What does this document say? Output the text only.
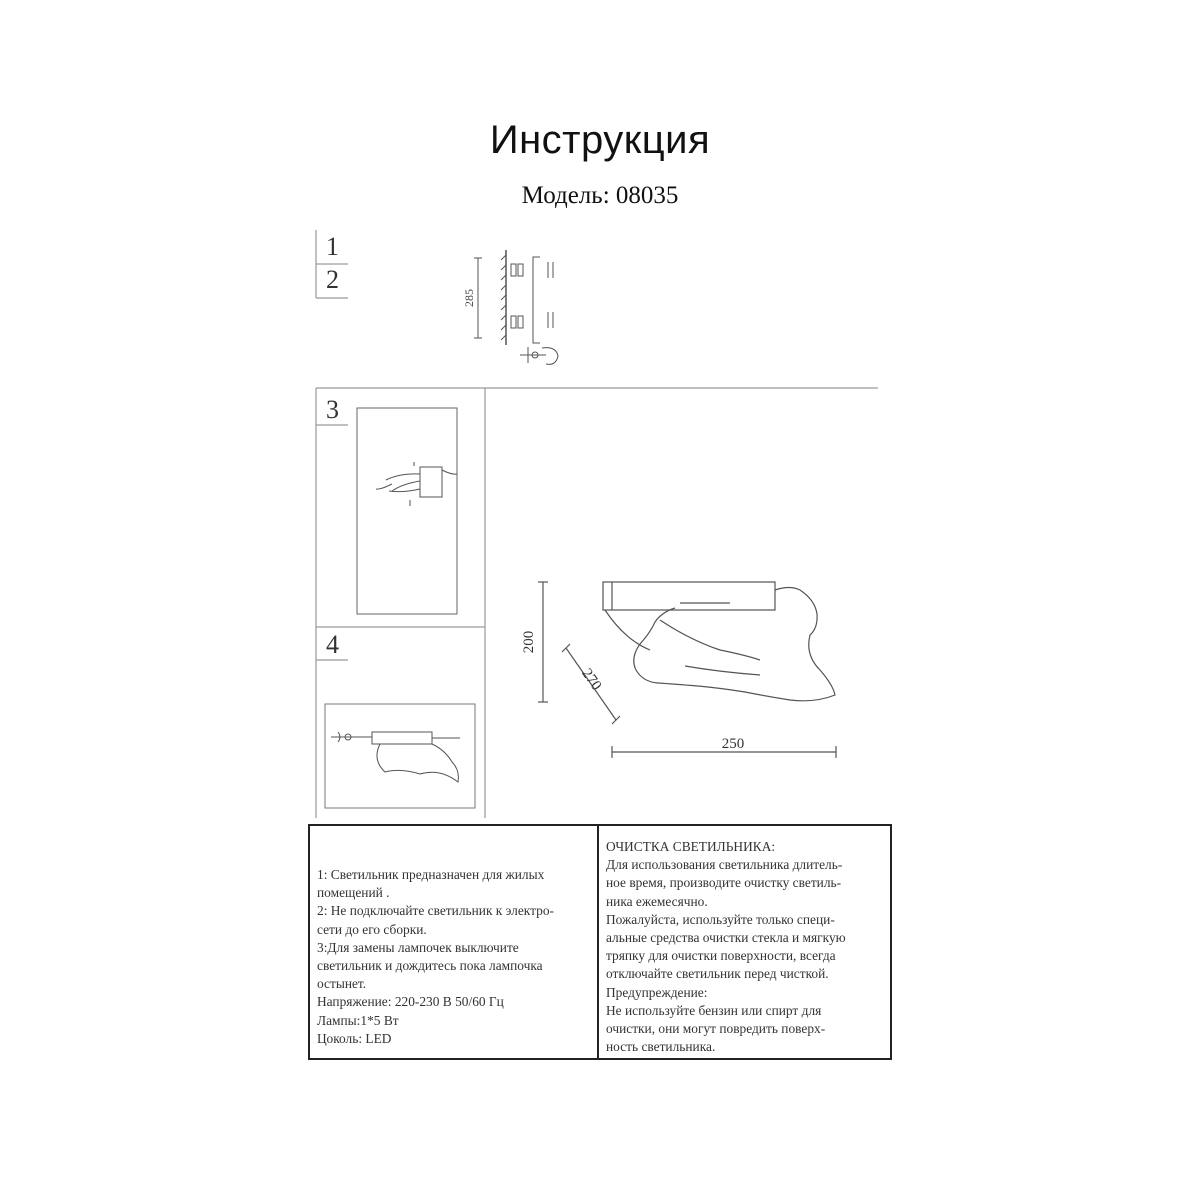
Инструкция
Модель: 08035
1
2
3
4
285
200
270
250
1: Светильник предназначен для жилых
помещений .
2: Не подключайте светильник к электро-
сети до его сборки.
3:Для замены лампочек выключите
светильник и дождитесь пока лампочка
остынет.
Напряжение: 220-230 В 50/60 Гц
Лампы:1*5 Вт
Цоколь: LED
ОЧИСТКА СВЕТИЛЬНИКА:
Для использования светильника длитель-
ное время, производите очистку светиль-
ника ежемесячно.
Пожалуйста, используйте только специ-
альные средства очистки стекла и мягкую
тряпку для очистки поверхности, всегда
отключайте светильник перед чисткой.
Предупреждение:
Не используйте бензин или спирт для
очистки, они могут повредить поверх-
ность светильника.
